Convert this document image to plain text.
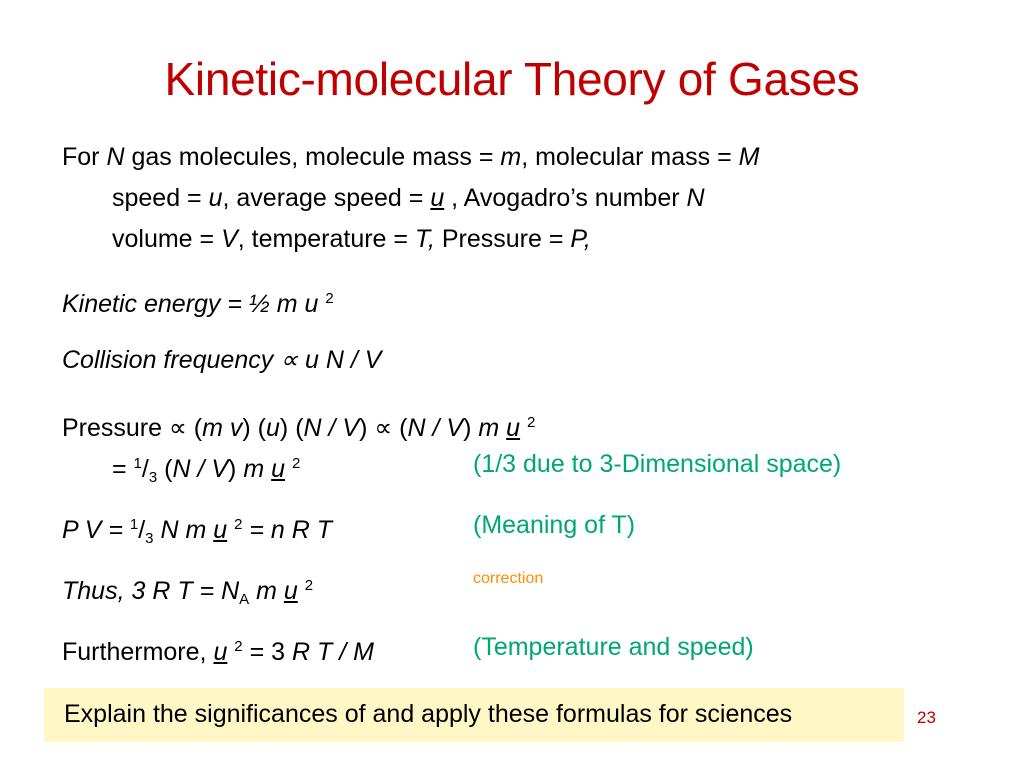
Kinetic-molecular Theory of Gases
For N gas molecules, molecule mass = m, molecular mass = M
speed = u, average speed = u , Avogadro’s number N
volume = V, temperature = T, Pressure = P,
Kinetic energy = ½ m u $^2$
Collision frequency ∝ u N / V
Pressure ∝ (m v) (u) (N / V) ∝ (N / V) m u $^2$
= $^1/_3$ (N / V) m u $^2$	(1/3 due to 3-Dimensional space)
P $V = ^1/_3$ N m u $^2$ = n R T	(Meaning of T)
Thus, 3 R $T = N_A$ m u $^2$	correction
Furthermore, u $^2$ = 3 R T / M	(Temperature and speed)
Explain the significances of and apply these formulas for sciences	23
